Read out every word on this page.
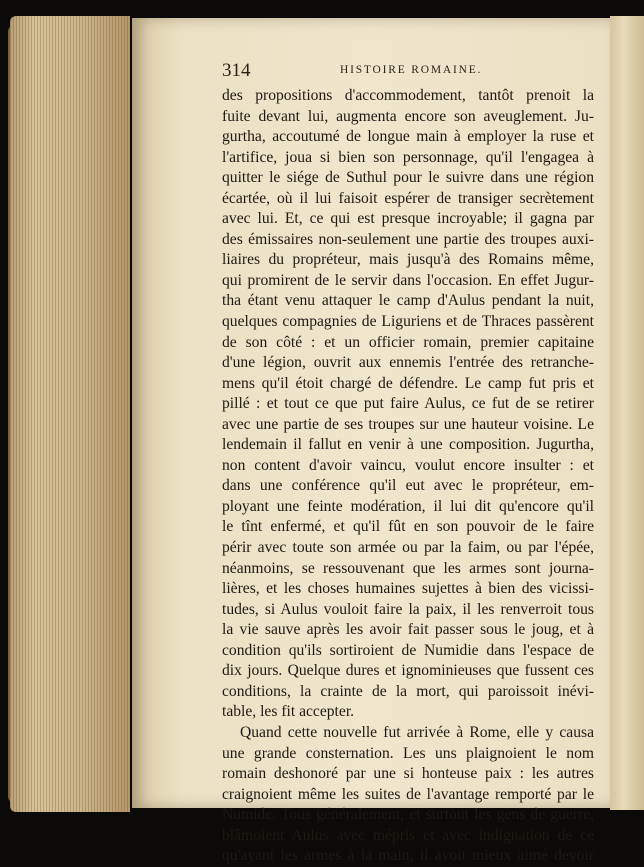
314	HISTOIRE ROMAINE.
des propositions d'accommodement, tantôt prenoit la
fuite devant lui, augmenta encore son aveuglement. Ju-
gurtha, accoutumé de longue main à employer la ruse et
l'artifice, joua si bien son personnage, qu'il l'engagea à
quitter le siége de Suthul pour le suivre dans une région
écartée, où il lui faisoit espérer de transiger secrètement
avec lui. Et, ce qui est presque incroyable; il gagna par
des émissaires non-seulement une partie des troupes auxi-
liaires du propréteur, mais jusqu'à des Romains même,
qui promirent de le servir dans l'occasion. En effet Jugur-
tha étant venu attaquer le camp d'Aulus pendant la nuit,
quelques compagnies de Liguriens et de Thraces passèrent
de son côté : et un officier romain, premier capitaine
d'une légion, ouvrit aux ennemis l'entrée des retranche-
mens qu'il étoit chargé de défendre. Le camp fut pris et
pillé : et tout ce que put faire Aulus, ce fut de se retirer
avec une partie de ses troupes sur une hauteur voisine. Le
lendemain il fallut en venir à une composition. Jugurtha,
non content d'avoir vaincu, voulut encore insulter : et
dans une conférence qu'il eut avec le propréteur, em-
ployant une feinte modération, il lui dit qu'encore qu'il
le tînt enfermé, et qu'il fût en son pouvoir de le faire
périr avec toute son armée ou par la faim, ou par l'épée,
néanmoins, se ressouvenant que les armes sont journa-
lières, et les choses humaines sujettes à bien des vicissi-
tudes, si Aulus vouloit faire la paix, il les renverroit tous
la vie sauve après les avoir fait passer sous le joug, et à
condition qu'ils sortiroient de Numidie dans l'espace de
dix jours. Quelque dures et ignominieuses que fussent ces
conditions, la crainte de la mort, qui paroissoit inévi-
table, les fit accepter.
Quand cette nouvelle fut arrivée à Rome, elle y causa
une grande consternation. Les uns plaignoient le nom
romain deshonoré par une si honteuse paix : les autres
craignoient même les suites de l'avantage remporté par le
Numide. Tous généralement, et surtout les gens de guerre,
blâmoient Aulus avec mépris et avec indignation de ce
qu'ayant les armes à la main, il avoit mieux aimé devoir
